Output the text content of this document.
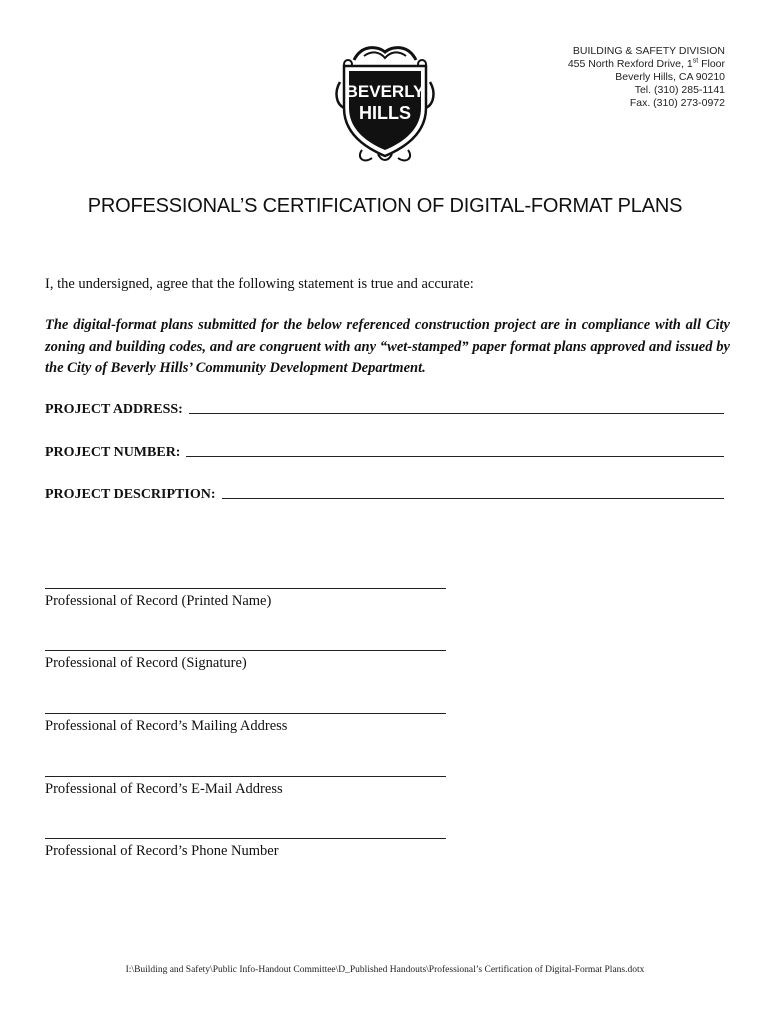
BEVERLY
HILLS
BUILDING & SAFETY DIVISION
455 North Rexford Drive, 1st Floor
Beverly Hills, CA 90210
Tel. (310) 285-1141
Fax. (310) 273-0972
PROFESSIONAL’S CERTIFICATION OF DIGITAL-FORMAT PLANS
I, the undersigned, agree that the following statement is true and accurate:
The digital-format plans submitted for the below referenced construction project are in compliance with all City zoning and building codes, and are congruent with any “wet-stamped” paper format plans approved and issued by the City of Beverly Hills’ Community Development Department.
PROJECT ADDRESS:
PROJECT NUMBER:
PROJECT DESCRIPTION:
Professional of Record (Printed Name)
Professional of Record (Signature)
Professional of Record’s Mailing Address
Professional of Record’s E-Mail Address
Professional of Record’s Phone Number
I:\Building and Safety\Public Info-Handout Committee\D_Published Handouts\Professional’s Certification of Digital-Format Plans.dotx
